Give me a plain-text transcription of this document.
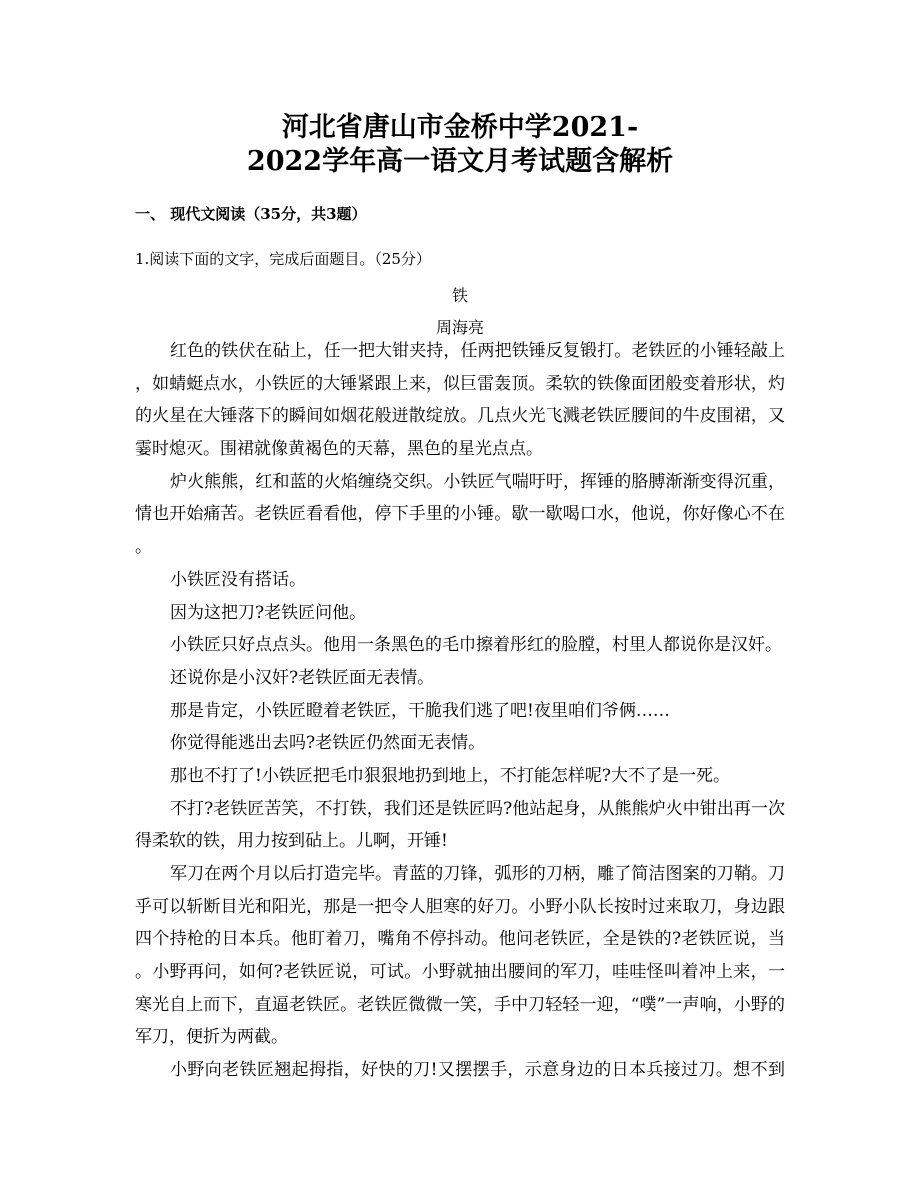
河北省唐山市金桥中学2021-
2022学年高一语文月考试题含解析
一、 现代文阅读（35分，共3题）
1.阅读下面的文字，完成后面题目。（25分）
铁
周海亮
红色的铁伏在砧上，任一把大钳夹持，任两把铁锤反复锻打。老铁匠的小锤轻敲上
，如蜻蜓点水，小铁匠的大锤紧跟上来，似巨雷轰顶。柔软的铁像面团般变着形状，灼
的火星在大锤落下的瞬间如烟花般迸散绽放。几点火光飞溅老铁匠腰间的牛皮围裙，又
霎时熄灭。围裙就像黄褐色的天幕，黑色的星光点点。
炉火熊熊，红和蓝的火焰缠绕交织。小铁匠气喘吁吁，挥锤的胳膊渐渐变得沉重，
情也开始痛苦。老铁匠看看他，停下手里的小锤。歇一歇喝口水，他说，你好像心不在
。
小铁匠没有搭话。
因为这把刀?老铁匠问他。
小铁匠只好点点头。他用一条黑色的毛巾擦着彤红的脸膛，村里人都说你是汉奸。
还说你是小汉奸?老铁匠面无表情。
那是肯定，小铁匠瞪着老铁匠，干脆我们逃了吧!夜里咱们爷俩……
你觉得能逃出去吗?老铁匠仍然面无表情。
那也不打了!小铁匠把毛巾狠狠地扔到地上，不打能怎样呢?大不了是一死。
不打?老铁匠苦笑，不打铁，我们还是铁匠吗?他站起身，从熊熊炉火中钳出再一次
得柔软的铁，用力按到砧上。儿啊，开锤!
军刀在两个月以后打造完毕。青蓝的刀锋，弧形的刀柄，雕了简洁图案的刀鞘。刀
乎可以斩断目光和阳光，那是一把令人胆寒的好刀。小野小队长按时过来取刀，身边跟
四个持枪的日本兵。他盯着刀，嘴角不停抖动。他问老铁匠，全是铁的?老铁匠说，当
。小野再问，如何?老铁匠说，可试。小野就抽出腰间的军刀，哇哇怪叫着冲上来，一
寒光自上而下，直逼老铁匠。老铁匠微微一笑，手中刀轻轻一迎，“噗”一声响，小野的
军刀，便折为两截。
小野向老铁匠翘起拇指，好快的刀!又摆摆手，示意身边的日本兵接过刀。想不到
